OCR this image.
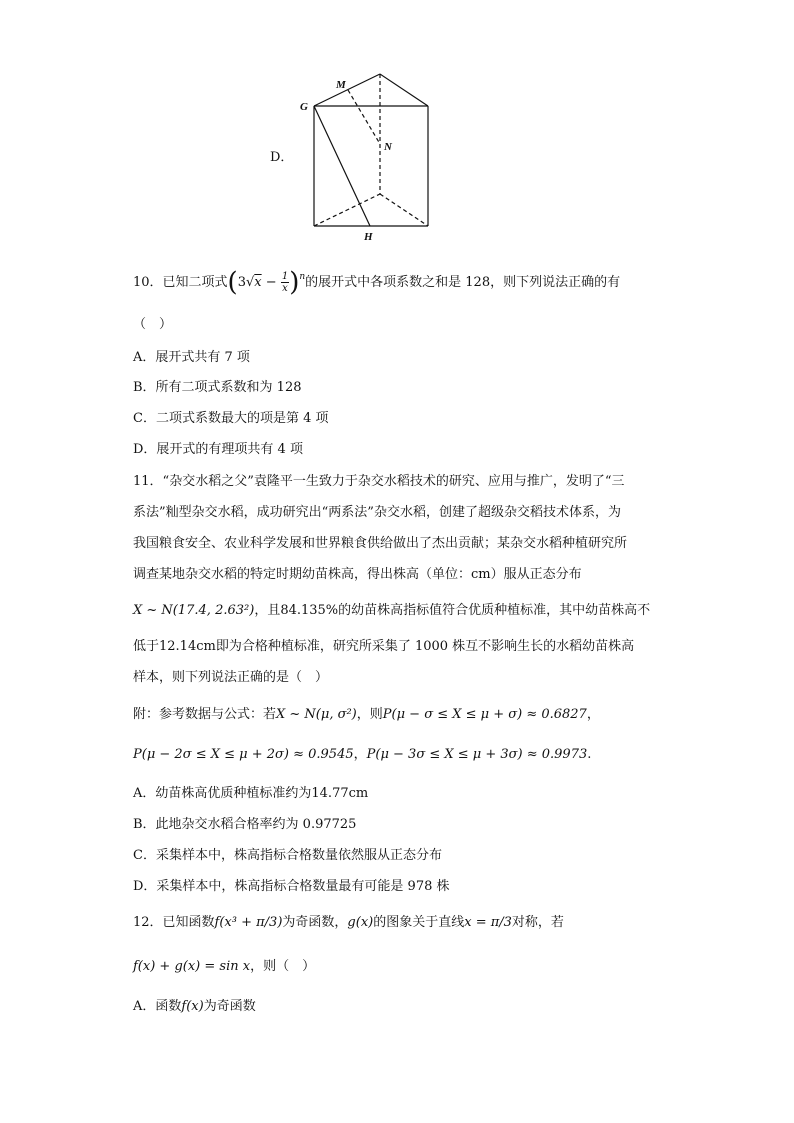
D．
G
M
N
H
10．已知二项式$(3√x - \frac{1}{x} )^n$的展开式中各项系数之和是 128，则下列说法正确的有
（　）
A．展开式共有 7 项
B．所有二项式系数和为 128
C．二项式系数最大的项是第 4 项
D．展开式的有理项共有 4 项
11．“杂交水稻之父”袁隆平一生致力于杂交水稻技术的研究、应用与推广，发明了“三
系法”籼型杂交水稻，成功研究出“两系法”杂交水稻，创建了超级杂交稻技术体系，为
我国粮食安全、农业科学发展和世界粮食供给做出了杰出贡献；某杂交水稻种植研究所
调查某地杂交水稻的特定时期幼苗株高，得出株高（单位：cm）服从正态分布
X ~ N(17.4, 2.63²)，且84.135%的幼苗株高指标值符合优质种植标准，其中幼苗株高不
低于12.14cm即为合格种植标准，研究所采集了 1000 株互不影响生长的水稻幼苗株高
样本，则下列说法正确的是（　）
附：参考数据与公式：若X ~ N(μ, σ²)，则P(μ − σ ≤ X ≤ μ + σ) ≈ 0.6827，
P(μ − 2σ ≤ X ≤ μ + 2σ) ≈ 0.9545，P(μ − 3σ ≤ X ≤ μ + 3σ) ≈ 0.9973.
A．幼苗株高优质种植标准约为14.77cm
B．此地杂交水稻合格率约为 0.97725
C．采集样本中，株高指标合格数量依然服从正态分布
D．采集样本中，株高指标合格数量最有可能是 978 株
12．已知函数f(x³ + π/3)为奇函数，g(x)的图象关于直线x = π/3对称，若
f(x) + g(x) = sin x，则（　）
A．函数f(x)为奇函数
